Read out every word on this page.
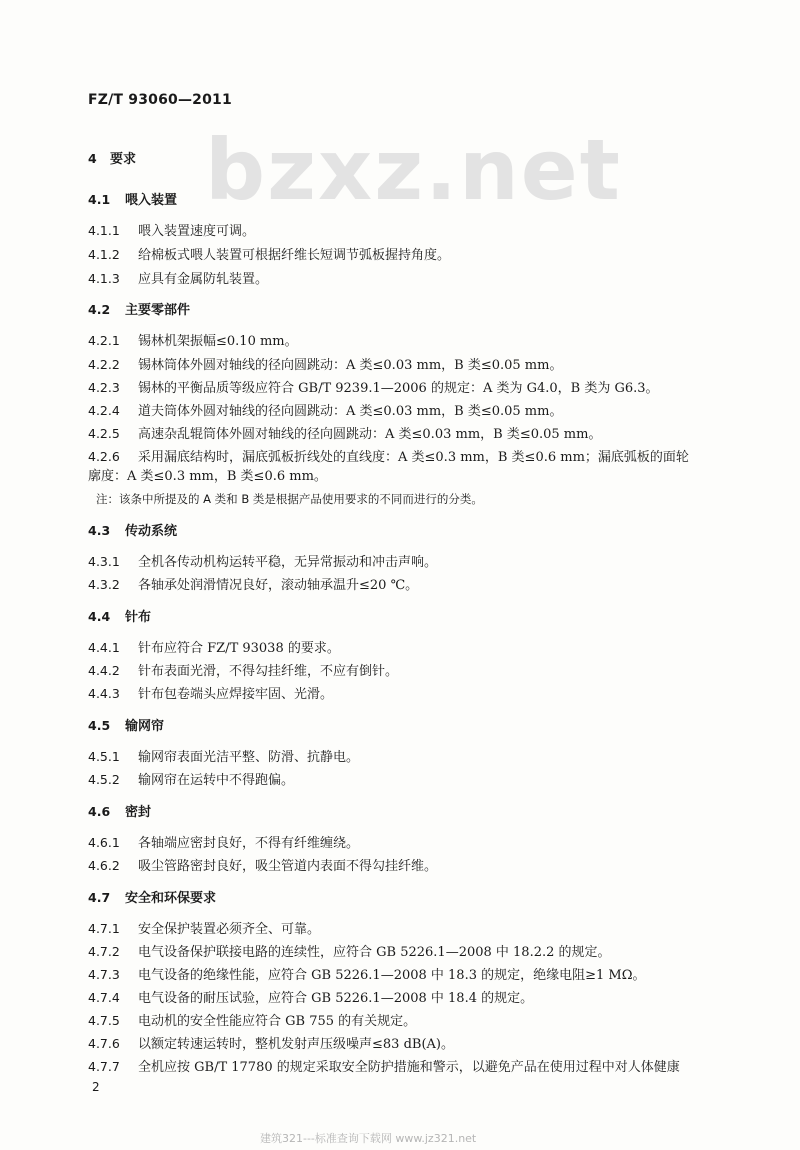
FZ/T 93060—2011
bzxz.net
4 要求
4.1 喂入装置
4.1.1 喂入装置速度可调。
4.1.2 给棉板式喂人装置可根据纤维长短调节弧板握持角度。
4.1.3 应具有金属防轧装置。
4.2 主要零部件
4.2.1 锡林机架振幅≤0.10 mm。
4.2.2 锡林筒体外圆对轴线的径向圆跳动：A 类≤0.03 mm，B 类≤0.05 mm。
4.2.3 锡林的平衡品质等级应符合 GB/T 9239.1—2006 的规定：A 类为 G4.0，B 类为 G6.3。
4.2.4 道夫筒体外圆对轴线的径向圆跳动：A 类≤0.03 mm，B 类≤0.05 mm。
4.2.5 高速杂乱辊筒体外圆对轴线的径向圆跳动：A 类≤0.03 mm，B 类≤0.05 mm。
4.2.6 采用漏底结构时，漏底弧板折线处的直线度：A 类≤0.3 mm，B 类≤0.6 mm；漏底弧板的面轮
廓度：A 类≤0.3 mm，B 类≤0.6 mm。
注：该条中所提及的 A 类和 B 类是根据产品使用要求的不同而进行的分类。
4.3 传动系统
4.3.1 全机各传动机构运转平稳，无异常振动和冲击声响。
4.3.2 各轴承处润滑情况良好，滚动轴承温升≤20 ℃。
4.4 针布
4.4.1 针布应符合 FZ/T 93038 的要求。
4.4.2 针布表面光滑，不得勾挂纤维，不应有倒针。
4.4.3 针布包卷端头应焊接牢固、光滑。
4.5 输网帘
4.5.1 输网帘表面光洁平整、防滑、抗静电。
4.5.2 输网帘在运转中不得跑偏。
4.6 密封
4.6.1 各轴端应密封良好，不得有纤维缠绕。
4.6.2 吸尘管路密封良好，吸尘管道内表面不得勾挂纤维。
4.7 安全和环保要求
4.7.1 安全保护装置必须齐全、可靠。
4.7.2 电气设备保护联接电路的连续性，应符合 GB 5226.1—2008 中 18.2.2 的规定。
4.7.3 电气设备的绝缘性能，应符合 GB 5226.1—2008 中 18.3 的规定，绝缘电阻≥1 MΩ。
4.7.4 电气设备的耐压试验，应符合 GB 5226.1—2008 中 18.4 的规定。
4.7.5 电动机的安全性能应符合 GB 755 的有关规定。
4.7.6 以额定转速运转时，整机发射声压级噪声≤83 dB(A)。
4.7.7 全机应按 GB/T 17780 的规定采取安全防护措施和警示，以避免产品在使用过程中对人体健康
2
建筑321---标准查询下载网 www.jz321.net
